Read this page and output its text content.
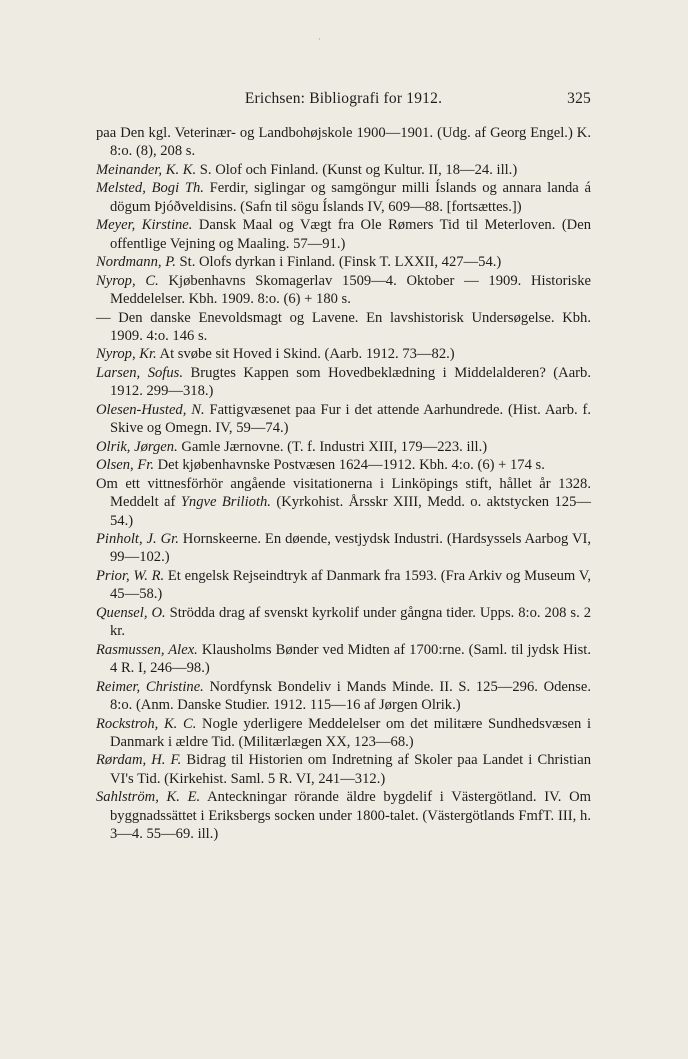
·
Erichsen: Bibliografi for 1912.	325

paa Den kgl. Veterinær- og Landbohøjskole 1900—1901. (Udg. af Georg Engel.) K. 8:o. (8), 208 s.

Meinander, K. K. S. Olof och Finland. (Kunst og Kultur. II, 18—24. ill.)

Melsted, Bogi Th. Ferdir, siglingar og samgöngur milli Íslands og annara landa á dögum Þjóðveldisins. (Safn til sögu Íslands IV, 609—88. [fortsættes.])

Meyer, Kirstine. Dansk Maal og Vægt fra Ole Rømers Tid til Meterloven. (Den offentlige Vejning og Maaling. 57—91.)

Nordmann, P. St. Olofs dyrkan i Finland. (Finsk T. LXXII, 427—54.)

Nyrop, C. Kjøbenhavns Skomagerlav 1509—4. Oktober — 1909. Historiske Meddelelser. Kbh. 1909. 8:o. (6) + 180 s.

— Den danske Enevoldsmagt og Lavene. En lavshistorisk Undersøgelse. Kbh. 1909. 4:o. 146 s.

Nyrop, Kr. At svøbe sit Hoved i Skind. (Aarb. 1912. 73—82.)

Larsen, Sofus. Brugtes Kappen som Hovedbeklædning i Middelalderen? (Aarb. 1912. 299—318.)

Olesen-Husted, N. Fattigvæsenet paa Fur i det attende Aarhundrede. (Hist. Aarb. f. Skive og Omegn. IV, 59—74.)

Olrik, Jørgen. Gamle Jærnovne. (T. f. Industri XIII, 179—223. ill.)

Olsen, Fr. Det kjøbenhavnske Postvæsen 1624—1912. Kbh. 4:o. (6) + 174 s.

Om ett vittnesförhör angående visitationerna i Linköpings stift, hållet år 1328. Meddelt af Yngve Brilioth. (Kyrkohist. Årsskr XIII, Medd. o. aktstycken 125—54.)

Pinholt, J. Gr. Hornskeerne. En døende, vestjydsk Industri. (Hardsyssels Aarbog VI, 99—102.)

Prior, W. R. Et engelsk Rejseindtryk af Danmark fra 1593. (Fra Arkiv og Museum V, 45—58.)

Quensel, O. Strödda drag af svenskt kyrkolif under gångna tider. Upps. 8:o. 208 s. 2 kr.

Rasmussen, Alex. Klausholms Bønder ved Midten af 1700:rne. (Saml. til jydsk Hist. 4 R. I, 246—98.)

Reimer, Christine. Nordfynsk Bondeliv i Mands Minde. II. S. 125—296. Odense. 8:o. (Anm. Danske Studier. 1912. 115—16 af Jørgen Olrik.)

Rockstroh, K. C. Nogle yderligere Meddelelser om det militære Sundhedsvæsen i Danmark i ældre Tid. (Militærlægen XX, 123—68.)

Rørdam, H. F. Bidrag til Historien om Indretning af Skoler paa Landet i Christian VI's Tid. (Kirkehist. Saml. 5 R. VI, 241—312.)

Sahlström, K. E. Anteckningar rörande äldre bygdelif i Västergötland. IV. Om byggnadssättet i Eriksbergs socken under 1800-talet. (Västergötlands FmfT. III, h. 3—4. 55—69. ill.)
